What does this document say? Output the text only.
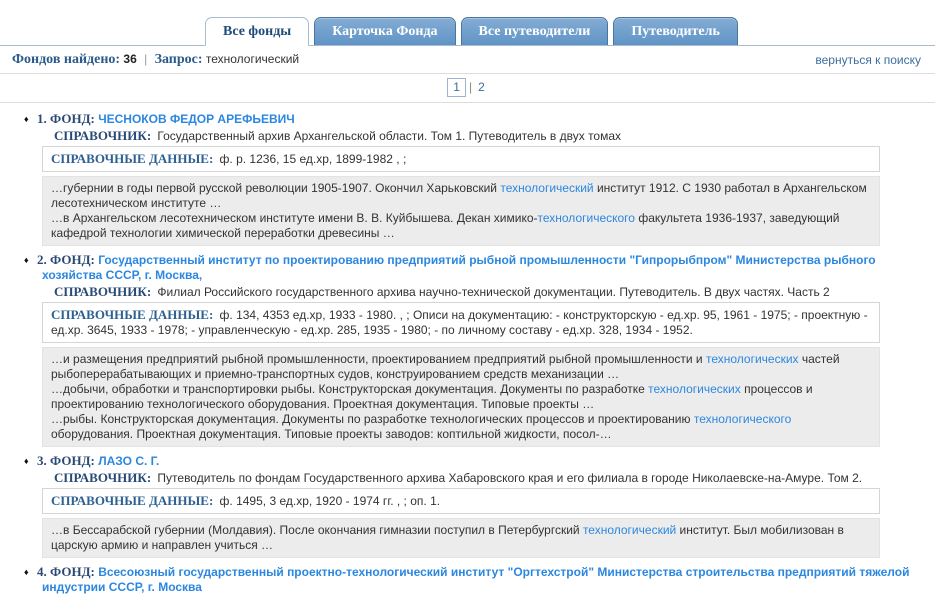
Все фонды	Карточка Фонда	Все путеводители	Путеводитель
Фондов найдено: 36 | Запрос: технологический	вернуться к поиску
1 | 2
♦ 1. ФОНД: ЧЕСНОКОВ ФЕДОР АРЕФЬЕВИЧ
СПРАВОЧНИК: Государственный архив Архангельской области. Том 1. Путеводитель в двух томах
СПРАВОЧНЫЕ ДАННЫЕ: ф. р. 1236, 15 ед.хр, 1899-1982 , ;
…губернии в годы первой русской революции 1905-1907. Окончил Харьковский технологический институт 1912. С 1930 работал в Архангельском лесотехническом институте …
…в Архангельском лесотехническом институте имени В. В. Куйбышева. Декан химико-технологического факультета 1936-1937, заведующий кафедрой технологии химической переработки древесины …
♦ 2. ФОНД: Государственный институт по проектированию предприятий рыбной промышленности "Гипрорыбпром" Министерства рыбного хозяйства СССР, г. Москва,
СПРАВОЧНИК: Филиал Российского государственного архива научно-технической документации. Путеводитель. В двух частях. Часть 2
СПРАВОЧНЫЕ ДАННЫЕ: ф. 134, 4353 ед.хр, 1933 - 1980. , ; Описи на документацию: - конструкторскую - ед.хр. 95, 1961 - 1975; - проектную - ед.хр. 3645, 1933 - 1978; - управленческую - ед.хр. 285, 1935 - 1980; - по личному составу - ед.хр. 328, 1934 - 1952.
…и размещения предприятий рыбной промышленности, проектированием предприятий рыбной промышленности и технологических частей рыбоперерабатывающих и приемно-транспортных судов, конструированием средств механизации …
…добычи, обработки и транспортировки рыбы. Конструкторская документация. Документы по разработке технологических процессов и проектированию технологического оборудования. Проектная документация. Типовые проекты …
…рыбы. Конструкторская документация. Документы по разработке технологических процессов и проектированию технологического оборудования. Проектная документация. Типовые проекты заводов: коптильной жидкости, посол-…
♦ 3. ФОНД: ЛАЗО С. Г.
СПРАВОЧНИК: Путеводитель по фондам Государственного архива Хабаровского края и его филиала в городе Николаевске-на-Амуре. Том 2.
СПРАВОЧНЫЕ ДАННЫЕ: ф. 1495, 3 ед.хр, 1920 - 1974 гг. , ; оп. 1.
…в Бессарабской губернии (Молдавия). После окончания гимназии поступил в Петербургский технологический институт. Был мобилизован в царскую армию и направлен учиться …
♦ 4. ФОНД: Всесоюзный государственный проектно-технологический институт "Оргтехстрой" Министерства строительства предприятий тяжелой индустрии СССР, г. Москва
